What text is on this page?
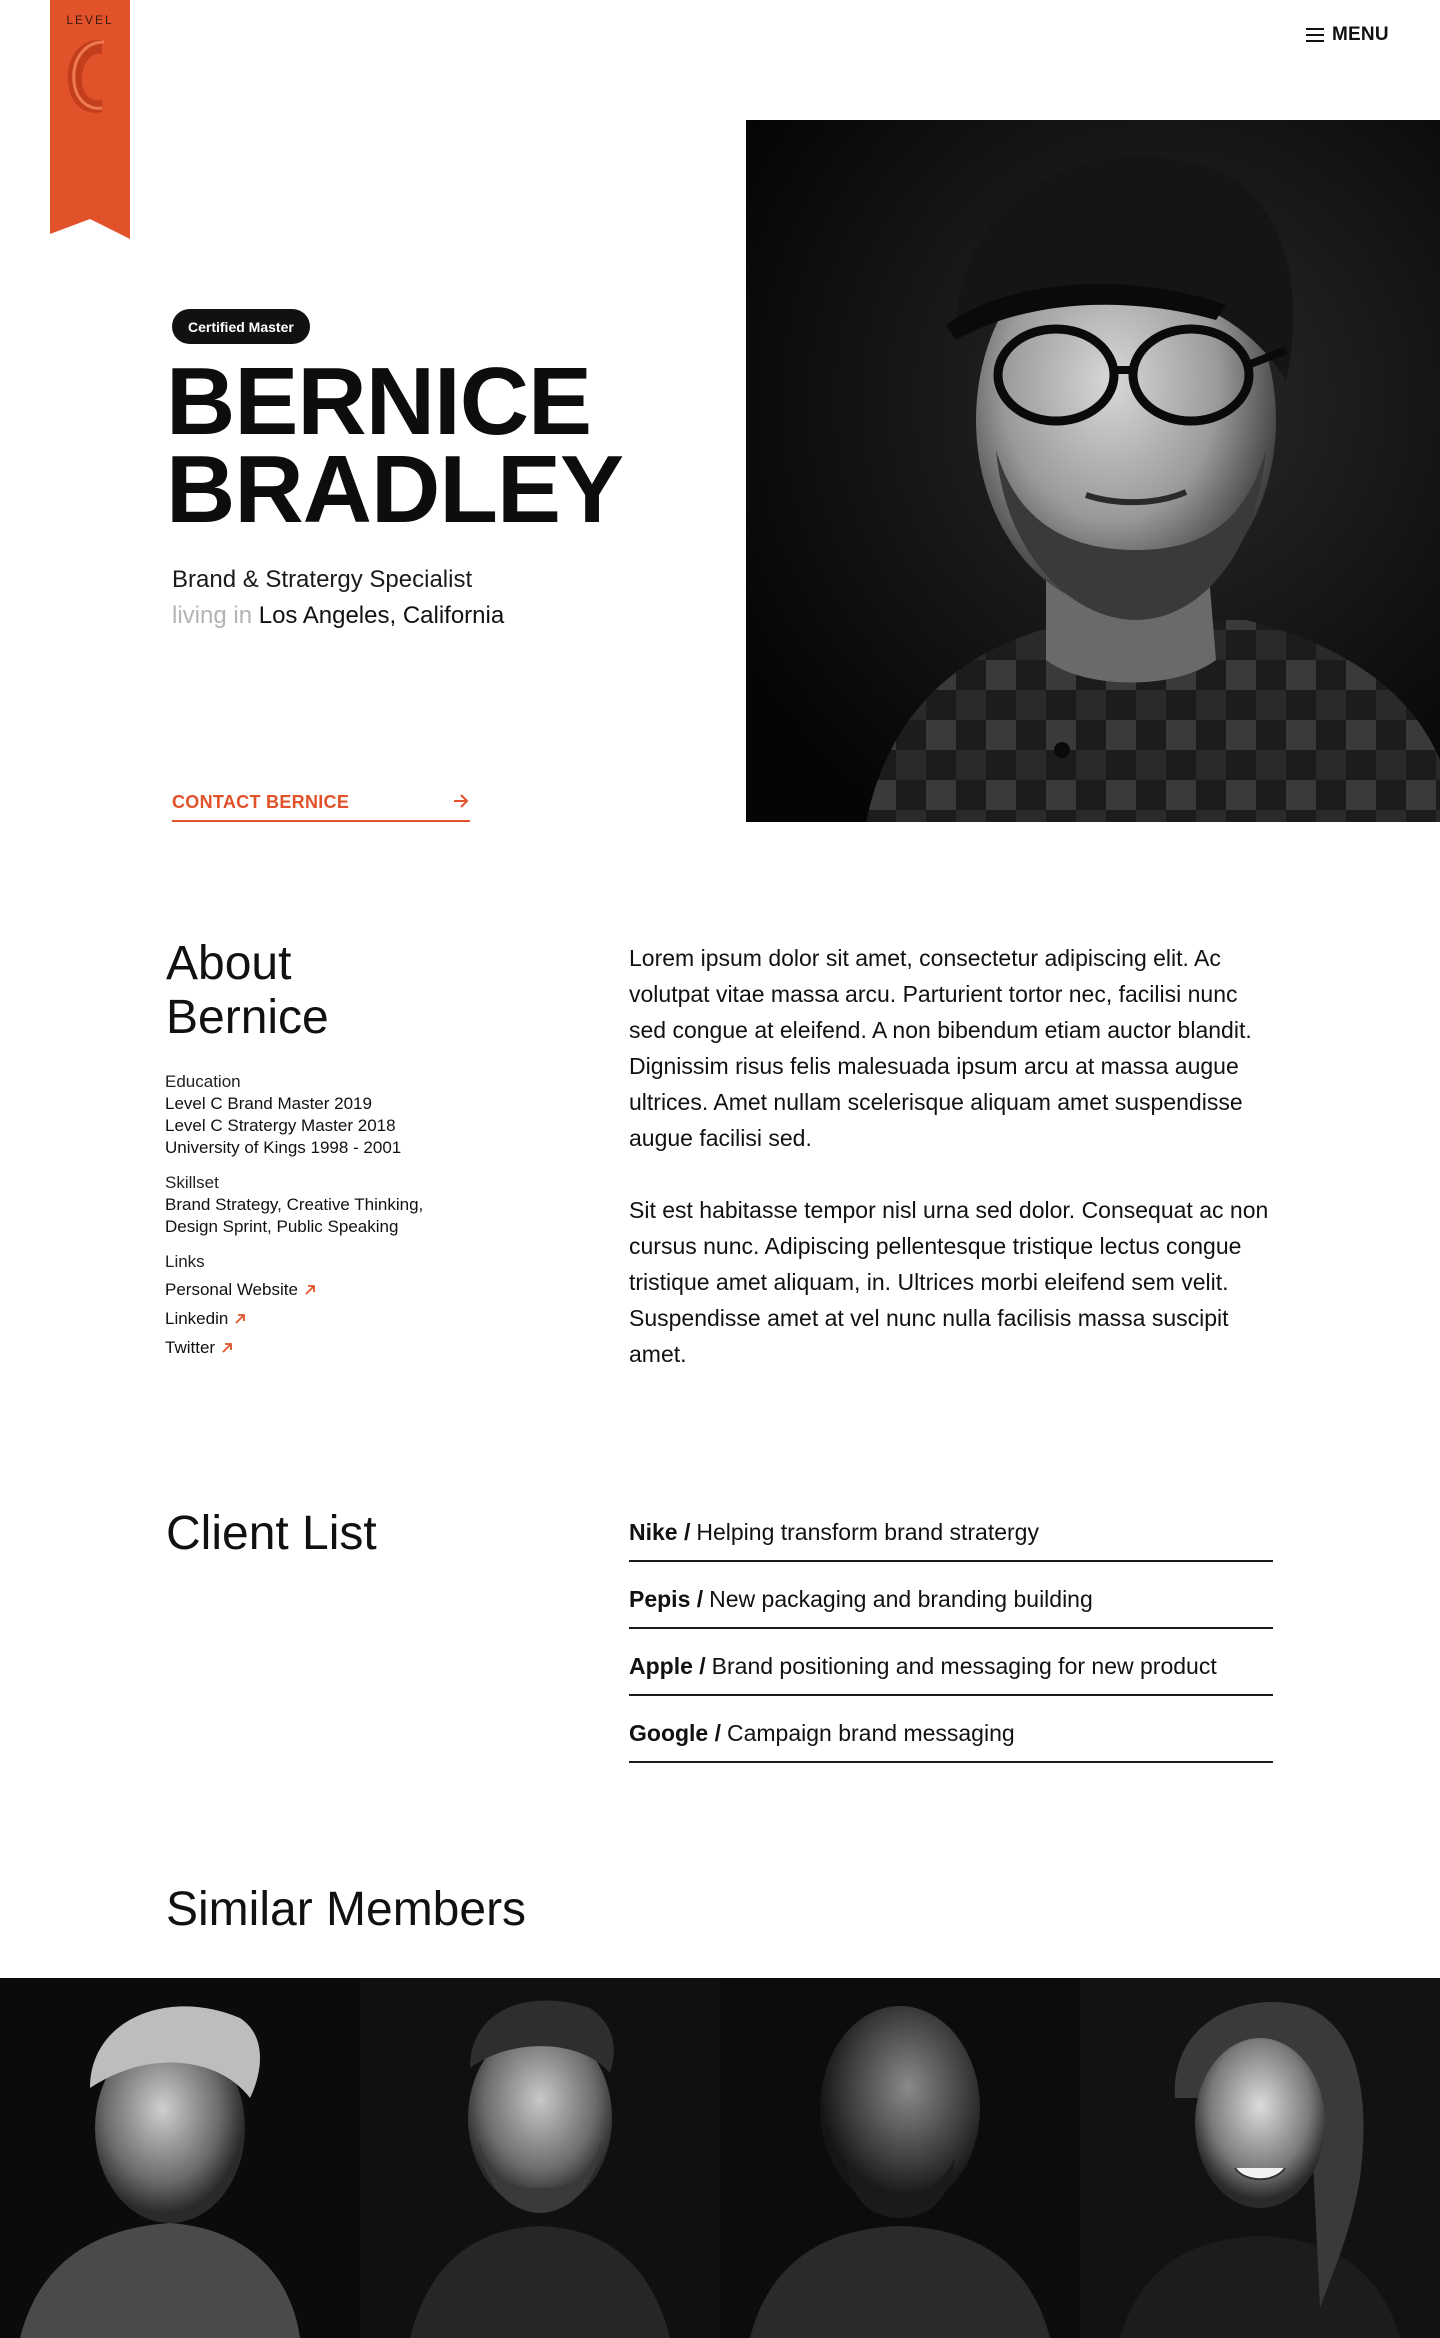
LEVEL
MENU
Certified Master
BERNICE
BRADLEY
Brand & Stratergy Specialist
living in Los Angeles, California
CONTACT BERNICE
About
Bernice
Education
Level C Brand Master 2019
Level C Stratergy Master 2018
University of Kings 1998 - 2001
Skillset
Brand Strategy, Creative Thinking,
Design Sprint, Public Speaking
Links
Personal Website
Linkedin
Twitter

Lorem ipsum dolor sit amet, consectetur adipiscing elit. Ac volutpat vitae massa arcu. Parturient tortor nec, facilisi nunc sed congue at eleifend. A non bibendum etiam auctor blandit. Dignissim risus felis malesuada ipsum arcu at massa augue ultrices. Amet nullam scelerisque aliquam amet suspendisse augue facilisi sed.

Sit est habitasse tempor nisl urna sed dolor. Consequat ac non cursus nunc. Adipiscing pellentesque tristique lectus congue tristique amet aliquam, in. Ultrices morbi eleifend sem velit. Suspendisse amet at vel nunc nulla facilisis massa suscipit amet.

Client List	Nike / Helping transform brand stratergy
Pepis / New packaging and branding building
Apple / Brand positioning and messaging for new product
Google / Campaign brand messaging
Similar Members
